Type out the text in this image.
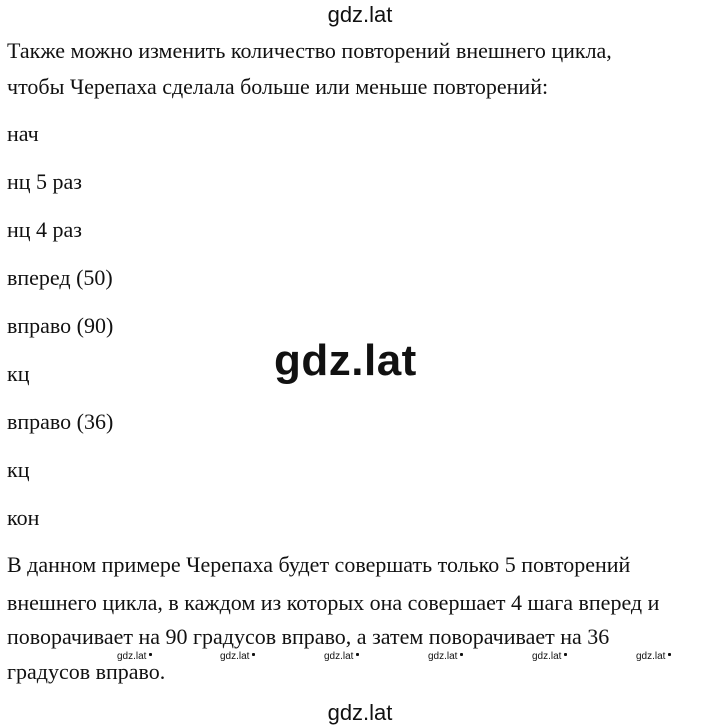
gdz.lat
Также можно изменить количество повторений внешнего цикла,
чтобы Черепаха сделала больше или меньше повторений:
нач
нц 5 раз
нц 4 раз
вперед (50)
вправо (90)
кц
вправо (36)
кц
кон
gdz.lat
В данном примере Черепаха будет совершать только 5 повторений
внешнего цикла, в каждом из которых она совершает 4 шага вперед и
поворачивает на 90 градусов вправо, а затем поворачивает на 36
градусов вправо.
gdz.lat	gdz.lat	gdz.lat	gdz.lat	gdz.lat	gdz.lat
gdz.lat
